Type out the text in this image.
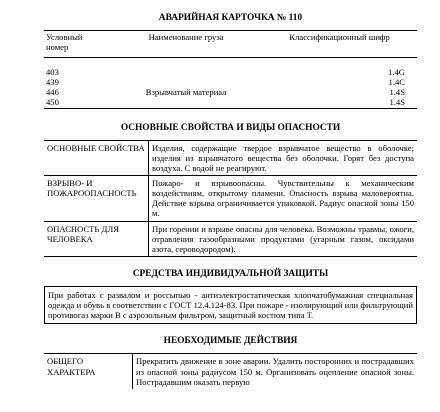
АВАРИЙНАЯ КАРТОЧКА № 110
Условный
номер	Наименование груза	Классификационный шифр

403		1.4G
439		1.4C
446	Взрывчатый материал	1.4S
450		1.4S
ОСНОВНЫЕ СВОЙСТВА И ВИДЫ ОПАСНОСТИ
ОСНОВНЫЕ СВОЙСТВА	Изделия, содержащие твердое взрывчатое вещество в оболочке; изделия из взрывчатого вещества без оболочки. Горят без доступа воздуха. С водой не реагируют.
ВЗРЫВО- И ПОЖАРООПАСНОСТЬ	Пожаро- и взрывоопасны. Чувствительны к механическим воздействиям, открытому пламени. Опасность взрыва маловероятна. Действие взрыва ограничивается упаковкой. Радиус опасной зоны 150 м.
ОПАСНОСТЬ ДЛЯ ЧЕЛОВЕКА	При горении и взрыве опасны для человека. Возможны травмы, ожоги, отравления газообразными продуктами (угарным газом, оксидами азота, сероводородом).
СРЕДСТВА ИНДИВИДУАЛЬНОЙ ЗАЩИТЫ
При работах с развалом и россыпью - антиэлектростатическая хлопчатобумажная специальная одежда и обувь в соответствии с ГОСТ 12.4.124-83. При пожаре - изолирующий или фильтрующий противогаз марки В с аэрозольным фильтром, защитный костюм типа Т.
НЕОБХОДИМЫЕ ДЕЙСТВИЯ
ОБЩЕГО ХАРАКТЕРА	Прекратить движение в зоне аварии. Удалить посторонних и пострадавших из опасной зоны радиусом 150 м. Организовать оцепление опасной зоны. Пострадавшим оказать первую
